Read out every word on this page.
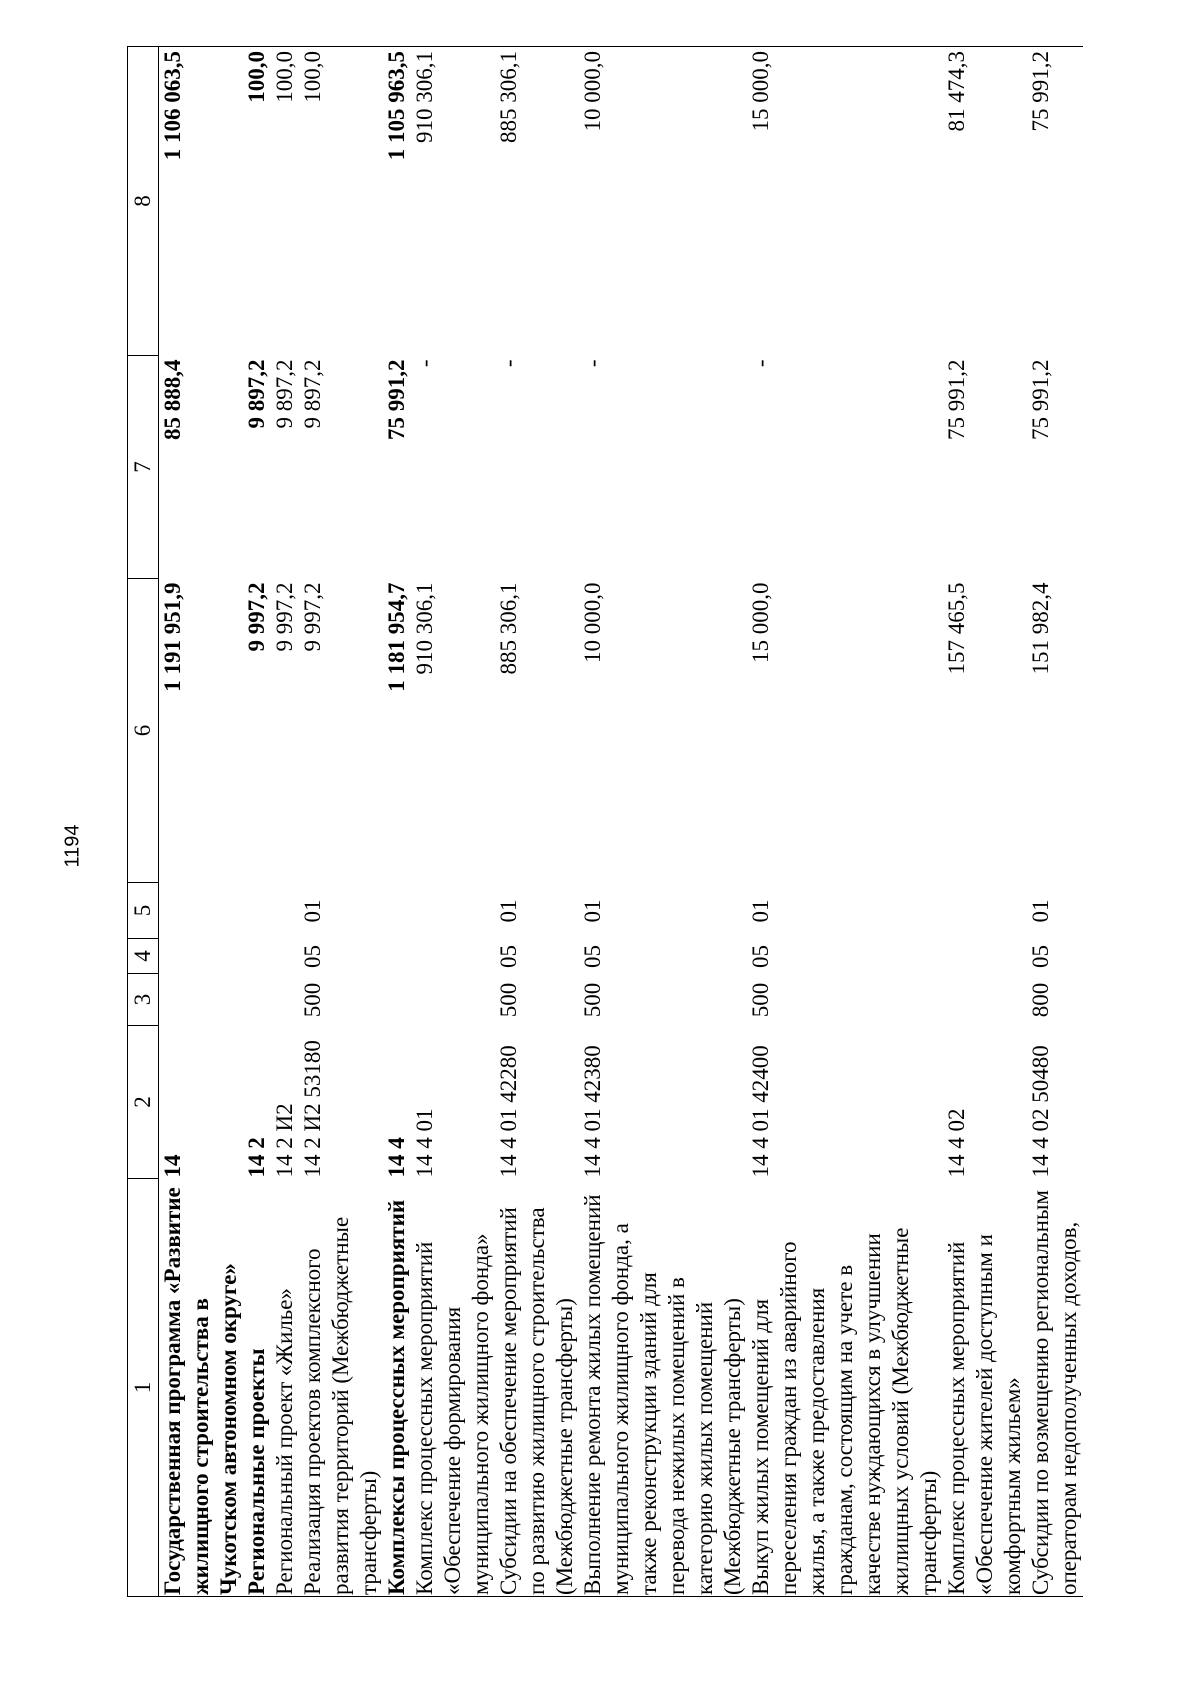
1194
1	2	3	4	5	6	7	8
Государственная программа «Развитие жилищного строительства в Чукотском автономном округе»	14				1 191 951,9	85 888,4	1 106 063,5
Региональные проекты	14 2				9 997,2	9 897,2	100,0
Региональный проект «Жилье»	14 2 И2				9 997,2	9 897,2	100,0
Реализация проектов комплексного развития территорий (Межбюджетные трансферты)	14 2 И2 53180	500	05	01	9 997,2	9 897,2	100,0
Комплексы процессных мероприятий	14 4				1 181 954,7	75 991,2	1 105 963,5
Комплекс процессных мероприятий «Обеспечение формирования муниципального жилищного фонда»	14 4 01				910 306,1	-	910 306,1
Субсидии на обеспечение мероприятий по развитию жилищного строительства (Межбюджетные трансферты)	14 4 01 42280	500	05	01	885 306,1	-	885 306,1
Выполнение ремонта жилых помещений муниципального жилищного фонда, а также реконструкции зданий для перевода нежилых помещений в категорию жилых помещений (Межбюджетные трансферты)	14 4 01 42380	500	05	01	10 000,0	-	10 000,0
Выкуп жилых помещений для переселения граждан из аварийного жилья, а также предоставления гражданам, состоящим на учете в качестве нуждающихся в улучшении жилищных условий (Межбюджетные трансферты)	14 4 01 42400	500	05	01	15 000,0	-	15 000,0
Комплекс процессных мероприятий «Обеспечение жителей доступным и комфортным жильем»	14 4 02				157 465,5	75 991,2	81 474,3
Субсидии по возмещению региональным операторам недополученных доходов,	14 4 02 50480	800	05	01	151 982,4	75 991,2	75 991,2
